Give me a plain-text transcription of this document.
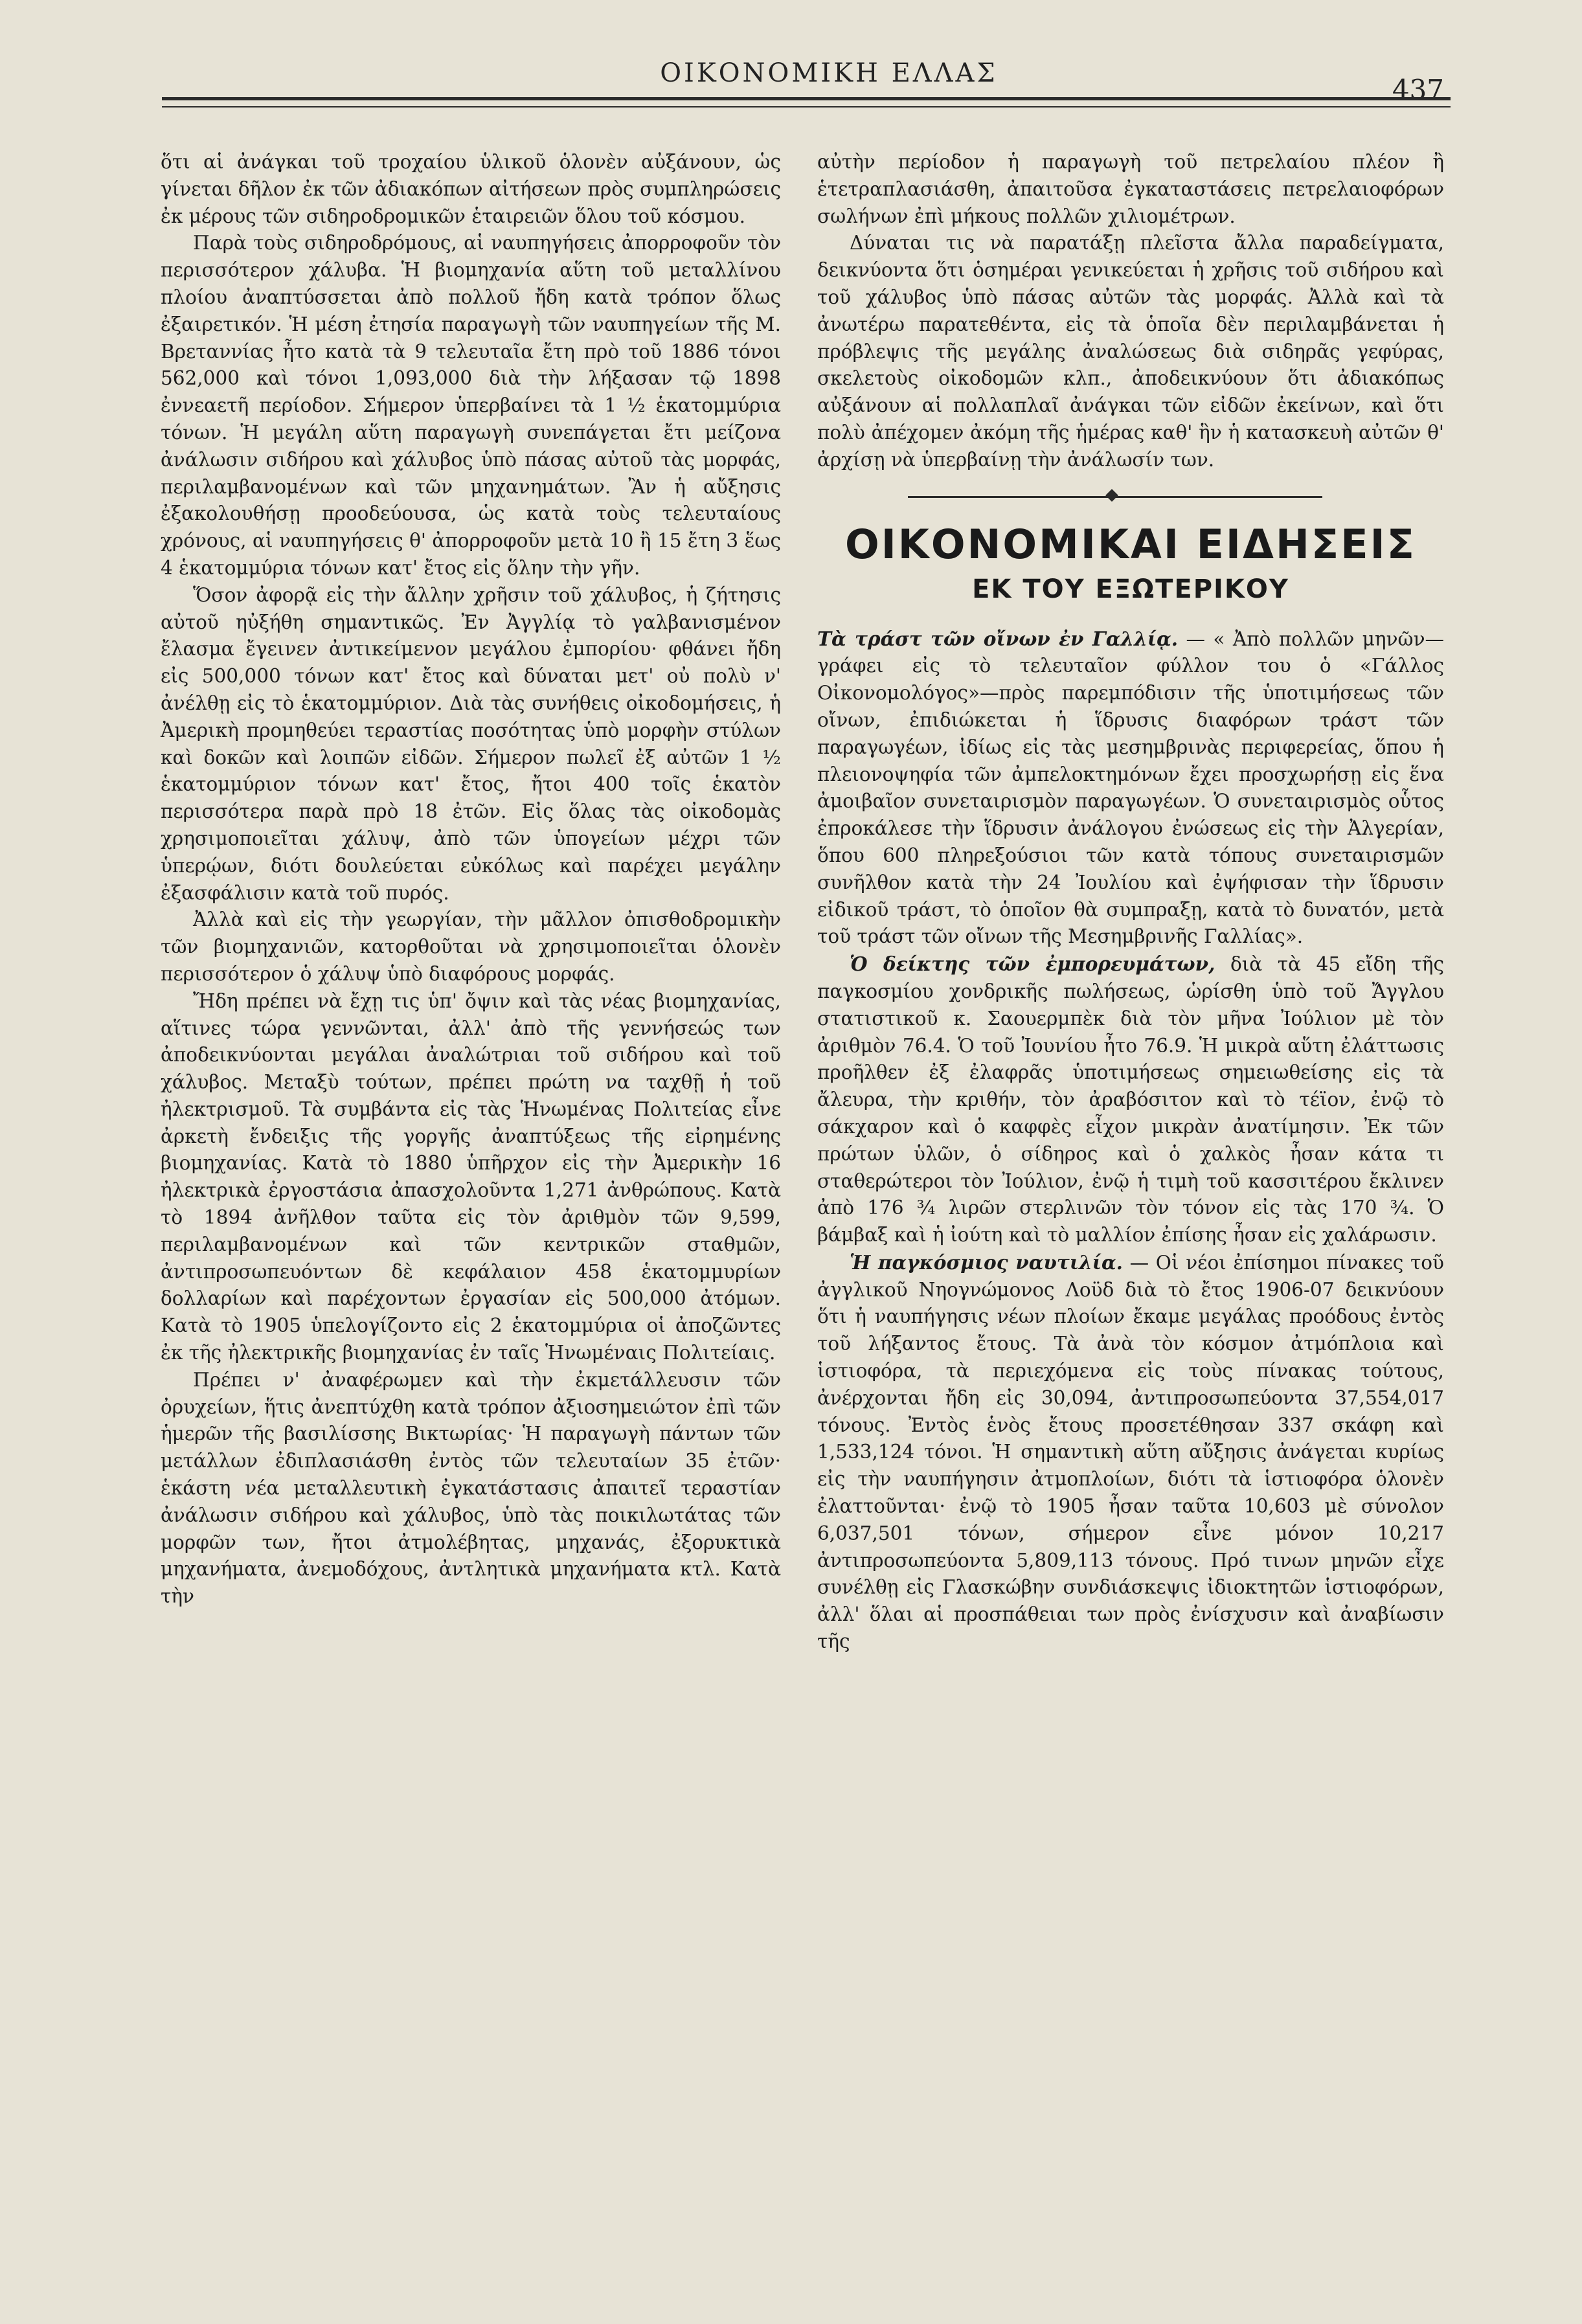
ΟΙΚΟΝΟΜΙΚΗ ΕΛΛΑΣ
437

ὅτι αἱ ἀνάγκαι τοῦ τροχαίου ὑλικοῦ ὁλονὲν αὐξάνουν, ὡς γίνεται δῆλον ἐκ τῶν ἀδιακόπων αἰτήσεων πρὸς συμπληρώσεις ἐκ μέρους τῶν σιδηροδρομικῶν ἑταιρειῶν ὅλου τοῦ κόσμου.

Παρὰ τοὺς σιδηροδρόμους, αἱ ναυπηγήσεις ἀπορροφοῦν τὸν περισσότερον χάλυβα. Ἡ βιομηχανία αὕτη τοῦ μεταλλίνου πλοίου ἀναπτύσσεται ἀπὸ πολλοῦ ἤδη κατὰ τρόπον ὅλως ἐξαιρετικόν. Ἡ μέση ἐτησία παραγωγὴ τῶν ναυπηγείων τῆς Μ. Βρεταννίας ἦτο κατὰ τὰ 9 τελευταῖα ἔτη πρὸ τοῦ 1886 τόνοι 562,000 καὶ τόνοι 1,093,000 διὰ τὴν λήξασαν τῷ 1898 ἐννεαετῆ περίοδον. Σήμερον ὑπερβαίνει τὰ 1 ½ ἑκατομμύρια τόνων. Ἡ μεγάλη αὕτη παραγωγὴ συνεπάγεται ἔτι μείζονα ἀνάλωσιν σιδήρου καὶ χάλυβος ὑπὸ πάσας αὐτοῦ τὰς μορφάς, περιλαμβανομένων καὶ τῶν μηχανημάτων. Ἂν ἡ αὔξησις ἐξακολουθήσῃ προοδεύουσα, ὡς κατὰ τοὺς τελευταίους χρόνους, αἱ ναυπηγήσεις θ' ἀπορροφοῦν μετὰ 10 ἢ 15 ἔτη 3 ἕως 4 ἑκατομμύρια τόνων κατ' ἔτος εἰς ὅλην τὴν γῆν.

Ὅσον ἀφορᾷ εἰς τὴν ἄλλην χρῆσιν τοῦ χάλυβος, ἡ ζήτησις αὐτοῦ ηὐξήθη σημαντικῶς. Ἐν Ἀγγλίᾳ τὸ γαλβανισμένον ἔλασμα ἔγεινεν ἀντικείμενον μεγάλου ἐμπορίου· φθάνει ἤδη εἰς 500,000 τόνων κατ' ἔτος καὶ δύναται μετ' οὐ πολὺ ν' ἀνέλθῃ εἰς τὸ ἑκατομμύριον. Διὰ τὰς συνήθεις οἰκοδομήσεις, ἡ Ἀμερικὴ προμηθεύει τεραστίας ποσότητας ὑπὸ μορφὴν στύλων καὶ δοκῶν καὶ λοιπῶν εἰδῶν. Σήμερον πωλεῖ ἐξ αὐτῶν 1 ½ ἑκατομμύριον τόνων κατ' ἔτος, ἤτοι 400 τοῖς ἑκατὸν περισσότερα παρὰ πρὸ 18 ἐτῶν. Εἰς ὅλας τὰς οἰκοδομὰς χρησιμοποιεῖται χάλυψ, ἀπὸ τῶν ὑπογείων μέχρι τῶν ὑπερῴων, διότι δουλεύεται εὐκόλως καὶ παρέχει μεγάλην ἐξασφάλισιν κατὰ τοῦ πυρός.

Ἀλλὰ καὶ εἰς τὴν γεωργίαν, τὴν μᾶλλον ὀπισθοδρομικὴν τῶν βιομηχανιῶν, κατορθοῦται νὰ χρησιμοποιεῖται ὁλονὲν περισσότερον ὁ χάλυψ ὑπὸ διαφόρους μορφάς.

Ἤδη πρέπει νὰ ἔχῃ τις ὑπ' ὄψιν καὶ τὰς νέας βιομηχανίας, αἵτινες τώρα γεννῶνται, ἀλλ' ἀπὸ τῆς γεννήσεώς των ἀποδεικνύονται μεγάλαι ἀναλώτριαι τοῦ σιδήρου καὶ τοῦ χάλυβος. Μεταξὺ τούτων, πρέπει πρώτη να ταχθῇ ἡ τοῦ ἠλεκτρισμοῦ. Τὰ συμβάντα εἰς τὰς Ἡνωμένας Πολιτείας εἶνε ἀρκετὴ ἔνδειξις τῆς γοργῆς ἀναπτύξεως τῆς εἰρημένης βιομηχανίας. Κατὰ τὸ 1880 ὑπῆρχον εἰς τὴν Ἀμερικὴν 16 ἠλεκτρικὰ ἐργοστάσια ἀπασχολοῦντα 1,271 ἀνθρώπους. Κατὰ τὸ 1894 ἀνῆλθον ταῦτα εἰς τὸν ἀριθμὸν τῶν 9,599, περιλαμβανομένων καὶ τῶν κεντρικῶν σταθμῶν, ἀντιπροσωπευόντων δὲ κεφάλαιον 458 ἑκατομμυρίων δολλαρίων καὶ παρέχοντων ἐργασίαν εἰς 500,000 ἀτόμων. Κατὰ τὸ 1905 ὑπελογίζοντο εἰς 2 ἑκατομμύρια οἱ ἀποζῶντες ἐκ τῆς ἠλεκτρικῆς βιομηχανίας ἐν ταῖς Ἡνωμέναις Πολιτείαις.

Πρέπει ν' ἀναφέρωμεν καὶ τὴν ἐκμετάλλευσιν τῶν ὀρυχείων, ἥτις ἀνεπτύχθη κατὰ τρόπον ἀξιοσημειώτον ἐπὶ τῶν ἡμερῶν τῆς βασιλίσσης Βικτωρίας· Ἡ παραγωγὴ πάντων τῶν μετάλλων ἐδιπλασιάσθη ἐντὸς τῶν τελευταίων 35 ἐτῶν· ἑκάστη νέα μεταλλευτικὴ ἐγκατάστασις ἀπαιτεῖ τεραστίαν ἀνάλωσιν σιδήρου καὶ χάλυβος, ὑπὸ τὰς ποικιλωτάτας τῶν μορφῶν των, ἤτοι ἀτμολέβητας, μηχανάς, ἐξορυκτικὰ μηχανήματα, ἀνεμοδόχους, ἀντλητικὰ μηχανήματα κτλ. Κατὰ τὴν

αὐτὴν περίοδον ἡ παραγωγὴ τοῦ πετρελαίου πλέον ἢ ἑτετραπλασιάσθη, ἀπαιτοῦσα ἐγκαταστάσεις πετρελαιοφόρων σωλήνων ἐπὶ μήκους πολλῶν χιλιομέτρων.

Δύναται τις νὰ παρατάξῃ πλεῖστα ἄλλα παραδείγματα, δεικνύοντα ὅτι ὁσημέραι γενικεύεται ἡ χρῆσις τοῦ σιδήρου καὶ τοῦ χάλυβος ὑπὸ πάσας αὐτῶν τὰς μορφάς. Ἀλλὰ καὶ τὰ ἀνωτέρω παρατεθέντα, εἰς τὰ ὁποῖα δὲν περιλαμβάνεται ἡ πρόβλεψις τῆς μεγάλης ἀναλώσεως διὰ σιδηρᾶς γεφύρας, σκελετοὺς οἰκοδομῶν κλπ., ἀποδεικνύουν ὅτι ἀδιακόπως αὐξάνουν αἱ πολλαπλαῖ ἀνάγκαι τῶν εἰδῶν ἐκείνων, καὶ ὅτι πολὺ ἀπέχομεν ἀκόμη τῆς ἡμέρας καθ' ἣν ἡ κατασκευὴ αὐτῶν θ' ἀρχίσῃ νὰ ὑπερβαίνῃ τὴν ἀνάλωσίν των.

ΟΙΚΟΝΟΜΙΚΑΙ ΕΙΔΗΣΕΙΣ
ΕΚ ΤΟΥ ΕΞΩΤΕΡΙΚΟΥ

Τὰ τράστ τῶν οἴνων ἐν Γαλλίᾳ. — « Ἀπὸ πολλῶν μηνῶν—γράφει εἰς τὸ τελευταῖον φύλλον του ὁ «Γάλλος Οἰκονομολόγος»—πρὸς παρεμπόδισιν τῆς ὑποτιμήσεως τῶν οἴνων, ἐπιδιώκεται ἡ ἵδρυσις διαφόρων τράστ τῶν παραγωγέων, ἰδίως εἰς τὰς μεσημβρινὰς περιφερείας, ὅπου ἡ πλειονοψηφία τῶν ἀμπελοκτημόνων ἔχει προσχωρήσῃ εἰς ἕνα ἀμοιβαῖον συνεταιρισμὸν παραγωγέων. Ὁ συνεταιρισμὸς οὗτος ἐπροκάλεσε τὴν ἵδρυσιν ἀνάλογου ἐνώσεως εἰς τὴν Ἀλγερίαν, ὅπου 600 πληρεξούσιοι τῶν κατὰ τόπους συνεταιρισμῶν συνῆλθον κατὰ τὴν 24 Ἰουλίου καὶ ἐψήφισαν τὴν ἵδρυσιν εἰδικοῦ τράστ, τὸ ὁποῖον θὰ συμπραξῃ, κατὰ τὸ δυνατόν, μετὰ τοῦ τράστ τῶν οἴνων τῆς Μεσημβρινῆς Γαλλίας».

Ὁ δείκτης τῶν ἐμπορευμάτων, διὰ τὰ 45 εἴδη τῆς παγκοσμίου χονδρικῆς πωλήσεως, ὡρίσθη ὑπὸ τοῦ Ἄγγλου στατιστικοῦ κ. Σαουερμπὲκ διὰ τὸν μῆνα Ἰούλιον μὲ τὸν ἀριθμὸν 76.4. Ὁ τοῦ Ἰουνίου ἦτο 76.9. Ἡ μικρὰ αὕτη ἐλάττωσις προῆλθεν ἐξ ἐλαφρᾶς ὑποτιμήσεως σημειωθείσης εἰς τὰ ἄλευρα, τὴν κριθήν, τὸν ἀραβόσιτον καὶ τὸ τέϊον, ἐνῷ τὸ σάκχαρον καὶ ὁ καφφὲς εἶχον μικρὰν ἀνατίμησιν. Ἐκ τῶν πρώτων ὑλῶν, ὁ σίδηρος καὶ ὁ χαλκὸς ἦσαν κάτα τι σταθερώτεροι τὸν Ἰούλιον, ἐνῷ ἡ τιμὴ τοῦ κασσιτέρου ἔκλινεν ἀπὸ 176 ¾ λιρῶν στερλινῶν τὸν τόνον εἰς τὰς 170 ¾. Ὁ βάμβαξ καὶ ἡ ἰούτη καὶ τὸ μαλλίον ἐπίσης ἦσαν εἰς χαλάρωσιν.

Ἡ παγκόσμιος ναυτιλία. — Οἱ νέοι ἐπίσημοι πίνακες τοῦ ἀγγλικοῦ Νηογνώμονος Λοϋδ διὰ τὸ ἔτος 1906-07 δεικνύουν ὅτι ἡ ναυπήγησις νέων πλοίων ἔκαμε μεγάλας προόδους ἐντὸς τοῦ λήξαντος ἔτους. Τὰ ἀνὰ τὸν κόσμον ἀτμόπλοια καὶ ἱστιοφόρα, τὰ περιεχόμενα εἰς τοὺς πίνακας τούτους, ἀνέρχονται ἤδη εἰς 30,094, ἀντιπροσωπεύοντα 37,554,017 τόνους. Ἐντὸς ἑνὸς ἔτους προσετέθησαν 337 σκάφη καὶ 1,533,124 τόνοι. Ἡ σημαντικὴ αὕτη αὔξησις ἀνάγεται κυρίως εἰς τὴν ναυπήγησιν ἀτμοπλοίων, διότι τὰ ἱστιοφόρα ὁλονὲν ἐλαττοῦνται· ἐνῷ τὸ 1905 ἦσαν ταῦτα 10,603 μὲ σύνολον 6,037,501 τόνων, σήμερον εἶνε μόνον 10,217 ἀντιπροσωπεύοντα 5,809,113 τόνους. Πρό τινων μηνῶν εἶχε συνέλθῃ εἰς Γλασκώβην συνδιάσκεψις ἰδιοκτητῶν ἱστιοφόρων, ἀλλ' ὅλαι αἱ προσπάθειαι των πρὸς ἐνίσχυσιν καὶ ἀναβίωσιν τῆς
